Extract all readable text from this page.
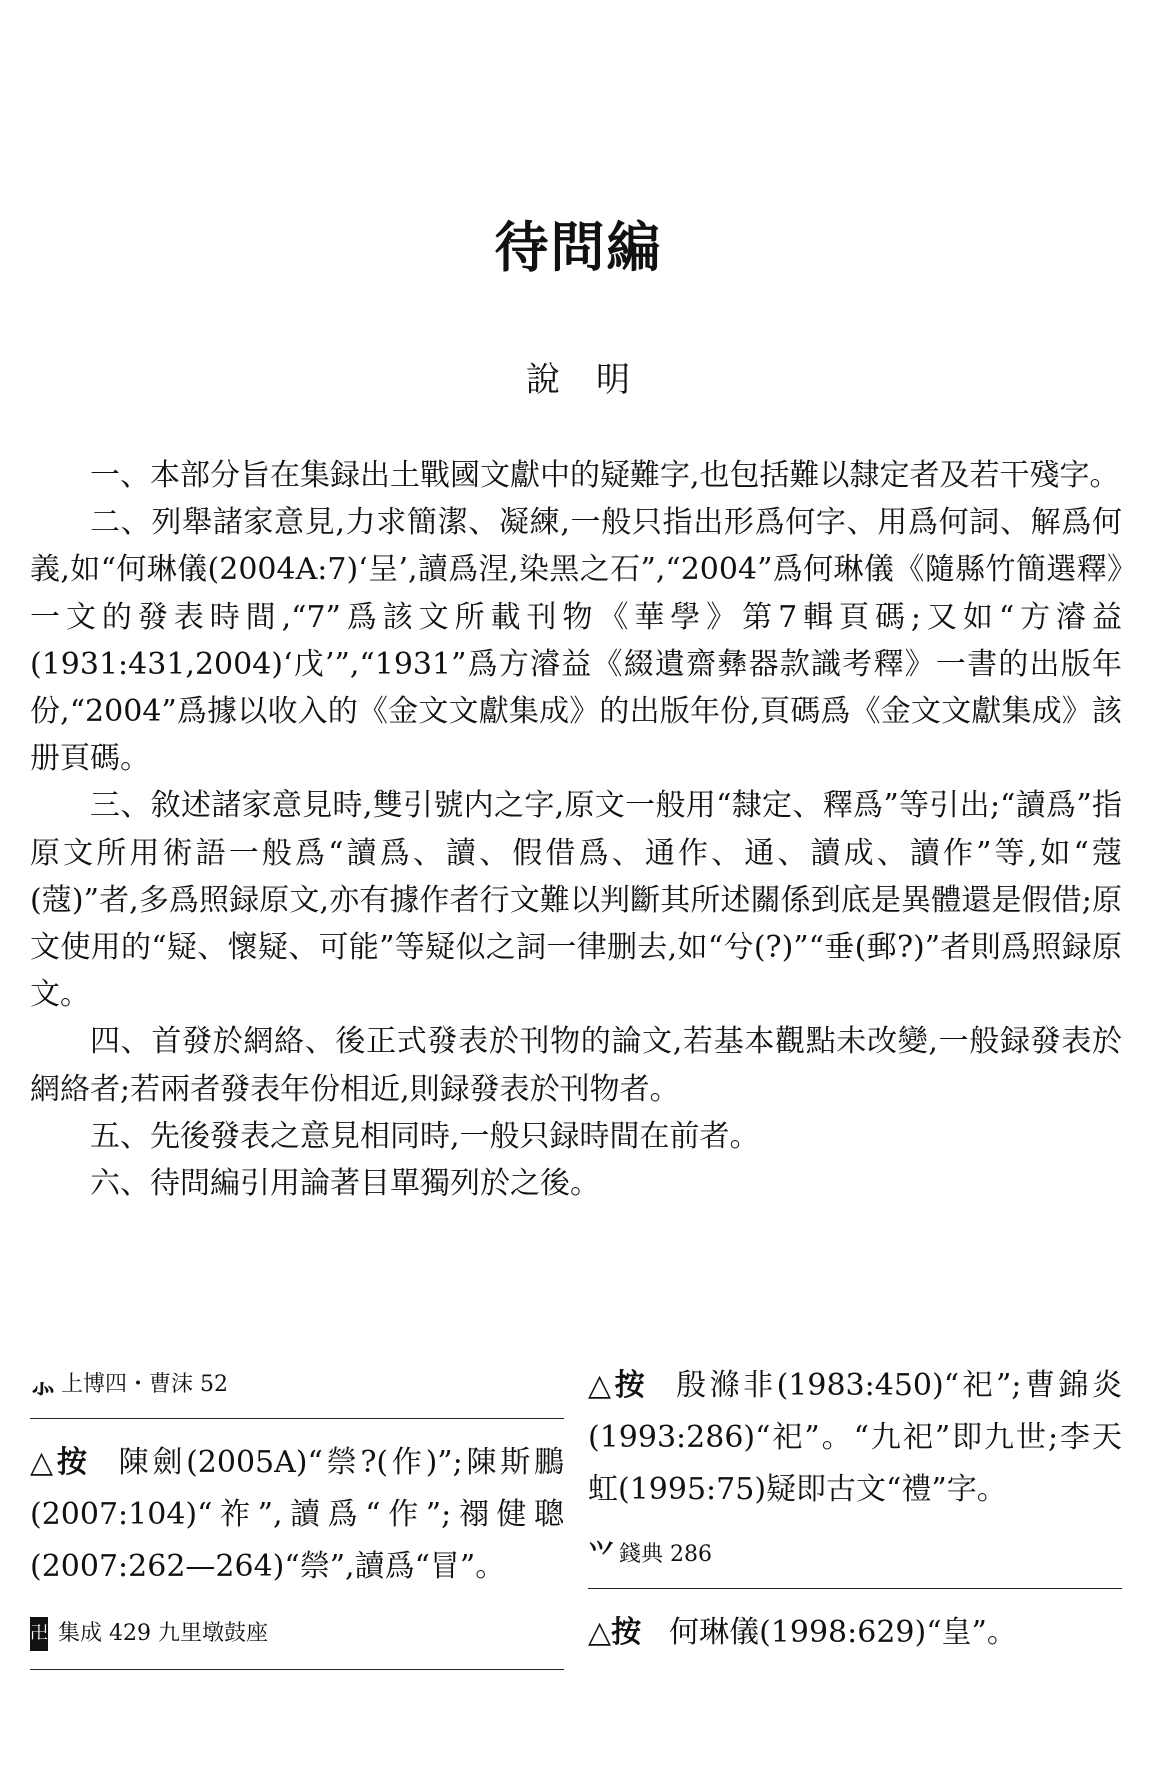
待問編
說　明

一、本部分旨在集録出土戰國文獻中的疑難字,也包括難以隸定者及若干殘字。

二、列舉諸家意見,力求簡潔、凝練,一般只指出形爲何字、用爲何詞、解爲何義,如“何琳儀(2004A:7)‘呈’,讀爲涅,染黑之石”,“2004”爲何琳儀《隨縣竹簡選釋》一文的發表時間,“7”爲該文所載刊物《華學》第7輯頁碼;又如“方濬益(1931:431,2004)‘戊’”,“1931”爲方濬益《綴遺齋彝器款識考釋》一書的出版年份,“2004”爲據以收入的《金文文獻集成》的出版年份,頁碼爲《金文文獻集成》該册頁碼。

三、敘述諸家意見時,雙引號内之字,原文一般用“隸定、釋爲”等引出;“讀爲”指原文所用術語一般爲“讀爲、讀、假借爲、通作、通、讀成、讀作”等,如“蔻(蔻)”者,多爲照録原文,亦有據作者行文難以判斷其所述關係到底是異體還是假借;原文使用的“疑、懷疑、可能”等疑似之詞一律删去,如“兮(?)”“垂(郵?)”者則爲照録原文。

四、首發於網絡、後正式發表於刊物的論文,若基本觀點未改變,一般録發表於網絡者;若兩者發表年份相近,則録發表於刊物者。

五、先後發表之意見相同時,一般只録時間在前者。

六、待問編引用論著目單獨列於之後。

⺗ 上博四・曹沫 52
△按 陳劍(2005A)“禜?(作)”;陳斯鵬(2007:104)“祚”,讀爲“作”;禤健聰(2007:262—264)“禜”,讀爲“冒”。
卍 集成 429 九里墩鼓座
△按 殷滌非(1983:450)“祀”;曹錦炎(1993:286)“祀”。“九祀”即九世;李天虹(1995:75)疑即古文“禮”字。
⺍ 錢典 286
△按 何琳儀(1998:629)“皇”。
